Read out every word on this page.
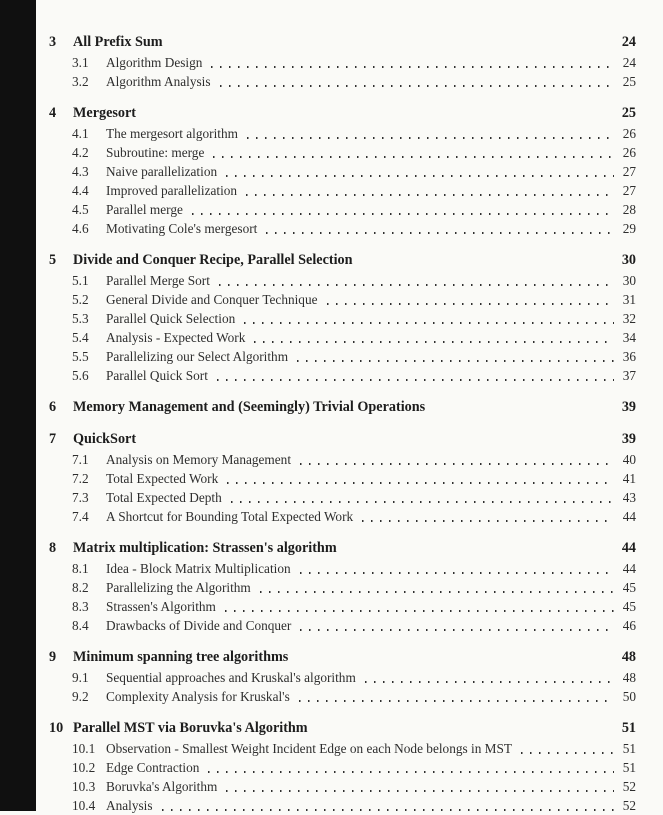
3	All Prefix Sum	24
3.1	Algorithm Design	24
3.2	Algorithm Analysis	25
4	Mergesort	25
4.1	The mergesort algorithm	26
4.2	Subroutine: merge	26
4.3	Naive parallelization	27
4.4	Improved parallelization	27
4.5	Parallel merge	28
4.6	Motivating Cole's mergesort	29
5	Divide and Conquer Recipe, Parallel Selection	30
5.1	Parallel Merge Sort	30
5.2	General Divide and Conquer Technique	31
5.3	Parallel Quick Selection	32
5.4	Analysis - Expected Work	34
5.5	Parallelizing our Select Algorithm	36
5.6	Parallel Quick Sort	37
6	Memory Management and (Seemingly) Trivial Operations	39
7	QuickSort	39
7.1	Analysis on Memory Management	40
7.2	Total Expected Work	41
7.3	Total Expected Depth	43
7.4	A Shortcut for Bounding Total Expected Work	44
8	Matrix multiplication: Strassen's algorithm	44
8.1	Idea - Block Matrix Multiplication	44
8.2	Parallelizing the Algorithm	45
8.3	Strassen's Algorithm	45
8.4	Drawbacks of Divide and Conquer	46
9	Minimum spanning tree algorithms	48
9.1	Sequential approaches and Kruskal's algorithm	48
9.2	Complexity Analysis for Kruskal's	50
10 Parallel MST via Boruvka's Algorithm	51
10.1 Observation - Smallest Weight Incident Edge on each Node belongs in MST	51
10.2 Edge Contraction	51
10.3 Boruvka's Algorithm	52
10.4 Analysis	52
